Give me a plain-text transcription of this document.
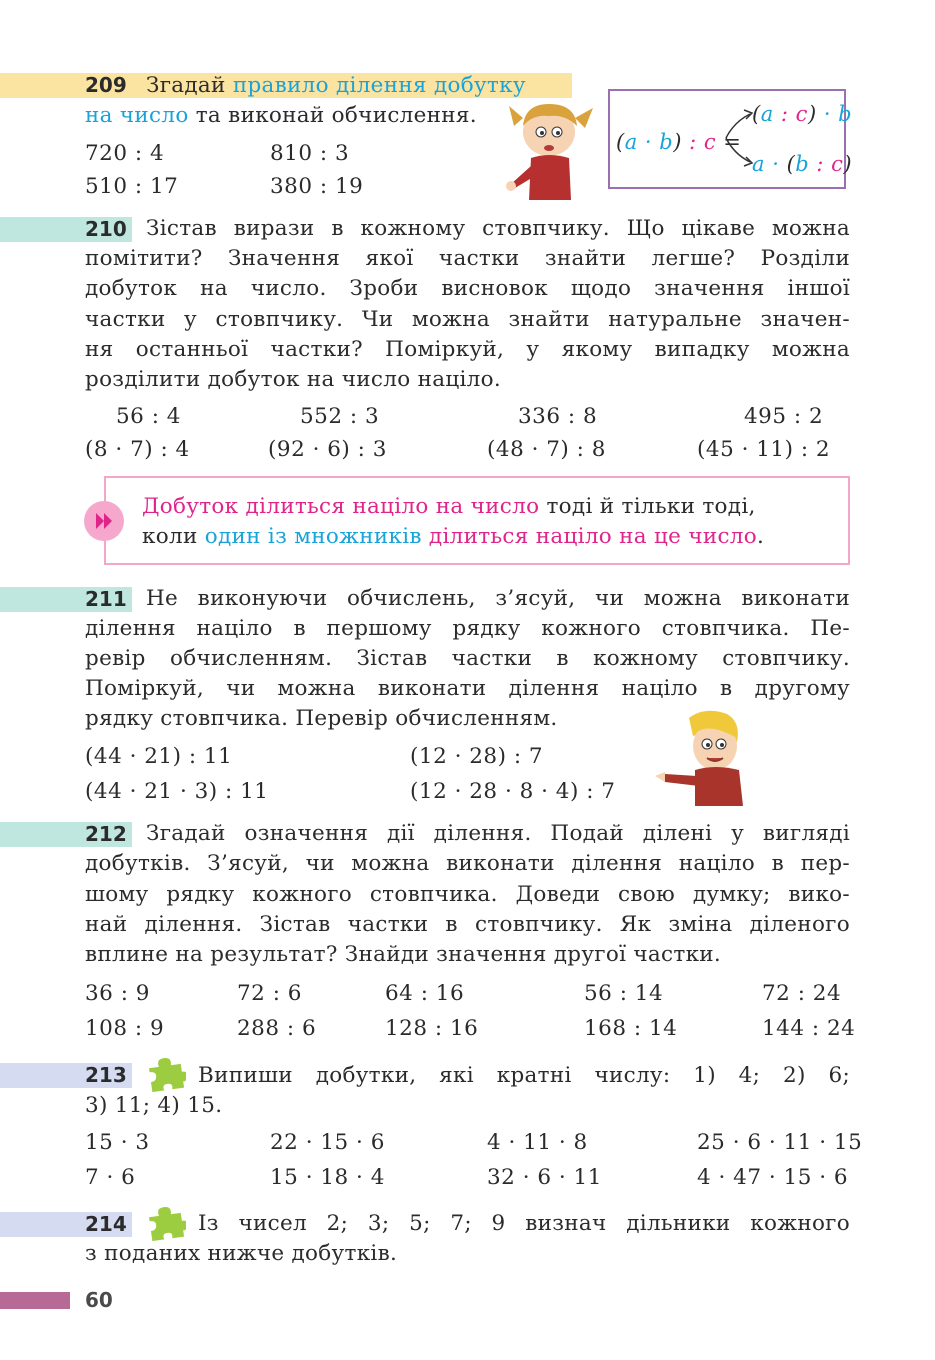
209 Згадай правило ділення добутку
на число та виконай обчислення.
720 : 4	810 : 3
510 : 17	380 : 19
(a · b) : c =
(a : c) · b
a · (b : c)
210 Зістав вирази в кожному стовпчику. Що цікаве можна
помітити? Значення якої частки знайти легше? Розділи
добуток на число. Зроби висновок щодо значення іншої
частки у стовпчику. Чи можна знайти натуральне значен-
ня останньої частки? Поміркуй, у якому випадку можна
розділити добуток на число націло.
56 : 4	552 : 3	336 : 8	495 : 2
(8 · 7) : 4	(92 · 6) : 3	(48 · 7) : 8	(45 · 11) : 2
Добуток ділиться націло на число тоді й тільки тоді,
коли один із множників ділиться націло на це число.
211 Не виконуючи обчислень, з’ясуй, чи можна виконати
ділення націло в першому рядку кожного стовпчика. Пе-
ревір обчисленням. Зістав частки в кожному стовпчику.
Поміркуй, чи можна виконати ділення націло в другому
рядку стовпчика. Перевір обчисленням.
(44 · 21) : 11	(12 · 28) : 7
(44 · 21 · 3) : 11	(12 · 28 · 8 · 4) : 7
212 Згадай означення дії ділення. Подай ділені у вигляді
добутків. З’ясуй, чи можна виконати ділення націло в пер-
шому рядку кожного стовпчика. Доведи свою думку; вико-
най ділення. Зістав частки в стовпчику. Як зміна діленого
вплине на результат? Знайди значення другої частки.
36 : 9	72 : 6	64 : 16	56 : 14	72 : 24
108 : 9	288 : 6	128 : 16	168 : 14	144 : 24
213	Випиши добутки, які кратні числу: 1) 4; 2) 6;
3) 11; 4) 15.
15 · 3	22 · 15 · 6	4 · 11 · 8	25 · 6 · 11 · 15
7 · 6	15 · 18 · 4	32 · 6 · 11	4 · 47 · 15 · 6
214	Із чисел 2; 3; 5; 7; 9 визнач дільники кожного
з поданих нижче добутків.
60
